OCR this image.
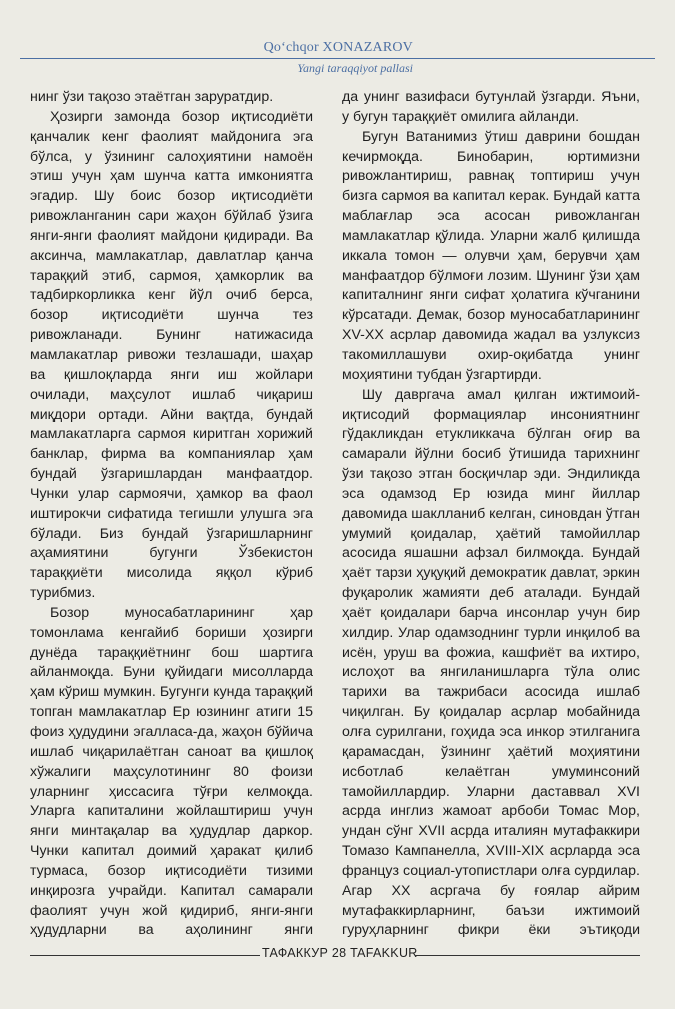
Qo‘chqor XONAZAROV
Yangi taraqqiyot pallasi

нинг ўзи тақозо этаётган заруратдир.

Ҳозирги замонда бозор иқтисодиёти қанчалик кенг фаолият майдонига эга бўлса, у ўзининг салоҳиятини намоён этиш учун ҳам шунча катта имкониятга эгадир. Шу боис бозор иқтисодиёти ривожланганин сари жаҳон бўйлаб ўзига янги-янги фаолият майдони қидиради. Ва аксинча, мамлакатлар, давлатлар қанча тараққий этиб, сармоя, ҳамкорлик ва тадбиркорликка кенг йўл очиб берса, бозор иқтисодиёти шунча тез ривожланади. Бунинг натижасида мамлакатлар ривожи тезлашади, шаҳар ва қишлоқларда янги иш жойлари очилади, маҳсулот ишлаб чиқариш миқдори ортади. Айни вақтда, бундай мамлакатларга сармоя киритган хорижий банклар, фирма ва компаниялар ҳам бундай ўзгаришлардан манфаатдор. Чунки улар сармоячи, ҳамкор ва фаол иштирокчи сифатида тегишли улушга эга бўлади. Биз бундай ўзгаришларнинг аҳамиятини бугунги Ўзбекистон тараққиёти мисолида яққол кўриб турибмиз.

Бозор муносабатларининг ҳар томонлама кенгайиб бориши ҳозирги дунёда тараққиётнинг бош шартига айланмоқда. Буни қуйидаги мисолларда ҳам кўриш мумкин. Бугунги кунда тараққий топган мамлакатлар Ер юзининг атиги 15 фоиз ҳудудини эгалласа-да, жаҳон бўйича ишлаб чиқарилаётган саноат ва қишлоқ хўжалиги маҳсулотининг 80 фоизи уларнинг ҳиссасига тўғри келмоқда. Уларга капиталини жойлаштириш учун янги минтақалар ва ҳудудлар даркор. Чунки капитал доимий ҳаракат қилиб турмаса, бозор иқтисодиёти тизими инқирозга учрайди. Капитал самарали фаолият учун жой қидириб, янги-янги ҳудудларни ва аҳолининг янги

да унинг вазифаси бутунлай ўзгарди. Яъни, у бугун тараққиёт омилига айланди.

Бугун Ватанимиз ўтиш даврини бошдан кечирмоқда. Бинобарин, юртимизни ривожлантириш, равнақ топтириш учун бизга сармоя ва капитал керак. Бундай катта маблағлар эса асосан ривожланган мамлакатлар қўлида. Уларни жалб қилишда иккала томон — олувчи ҳам, берувчи ҳам манфаатдор бўлмоғи лозим. Шунинг ўзи ҳам капиталнинг янги сифат ҳолатига кўчганини кўрсатади. Демак, бозор муносабатларининг XV-XX асрлар давомида жадал ва узлуксиз такомиллашуви охир-оқибатда унинг моҳиятини тубдан ўзгартирди.

Шу давргача амал қилган ижтимоий-иқтисодий формациялар инсониятнинг гўдакликдан етукликкача бўлган оғир ва самарали йўлни босиб ўтишида тарихнинг ўзи тақозо этган босқичлар эди. Эндиликда эса одамзод Ер юзида минг йиллар давомида шаклланиб келган, синовдан ўтган умумий қоидалар, ҳаётий тамойиллар асосида яшашни афзал билмоқда. Бундай ҳаёт тарзи ҳуқуқий демократик давлат, эркин фуқаролик жамияти деб аталади. Бундай ҳаёт қоидалари барча инсонлар учун бир хилдир. Улар одамзоднинг турли инқилоб ва исён, уруш ва фожиа, кашфиёт ва ихтиро, ислоҳот ва янгиланишларга тўла олис тарихи ва тажрибаси асосида ишлаб чиқилган. Бу қоидалар асрлар мобайнида олға сурилгани, гоҳида эса инкор этилганига қарамасдан, ўзининг ҳаётий моҳиятини исботлаб келаётган умуминсоний тамойиллардир. Уларни даставвал XVI асрда инглиз жамоат арбоби Томас Мор, ундан сўнг XVII асрда италиян мутафаккири Томазо Кампанелла, XVIII-XIX асрларда эса француз социал-утопистлари олға сурдилар. Агар XX асргача бу ғоялар айрим мутафаккирларнинг, баъзи ижтимоий гуруҳларнинг фикри ёки эътиқоди

ТАФАККУР 28 TAFAKKUR
